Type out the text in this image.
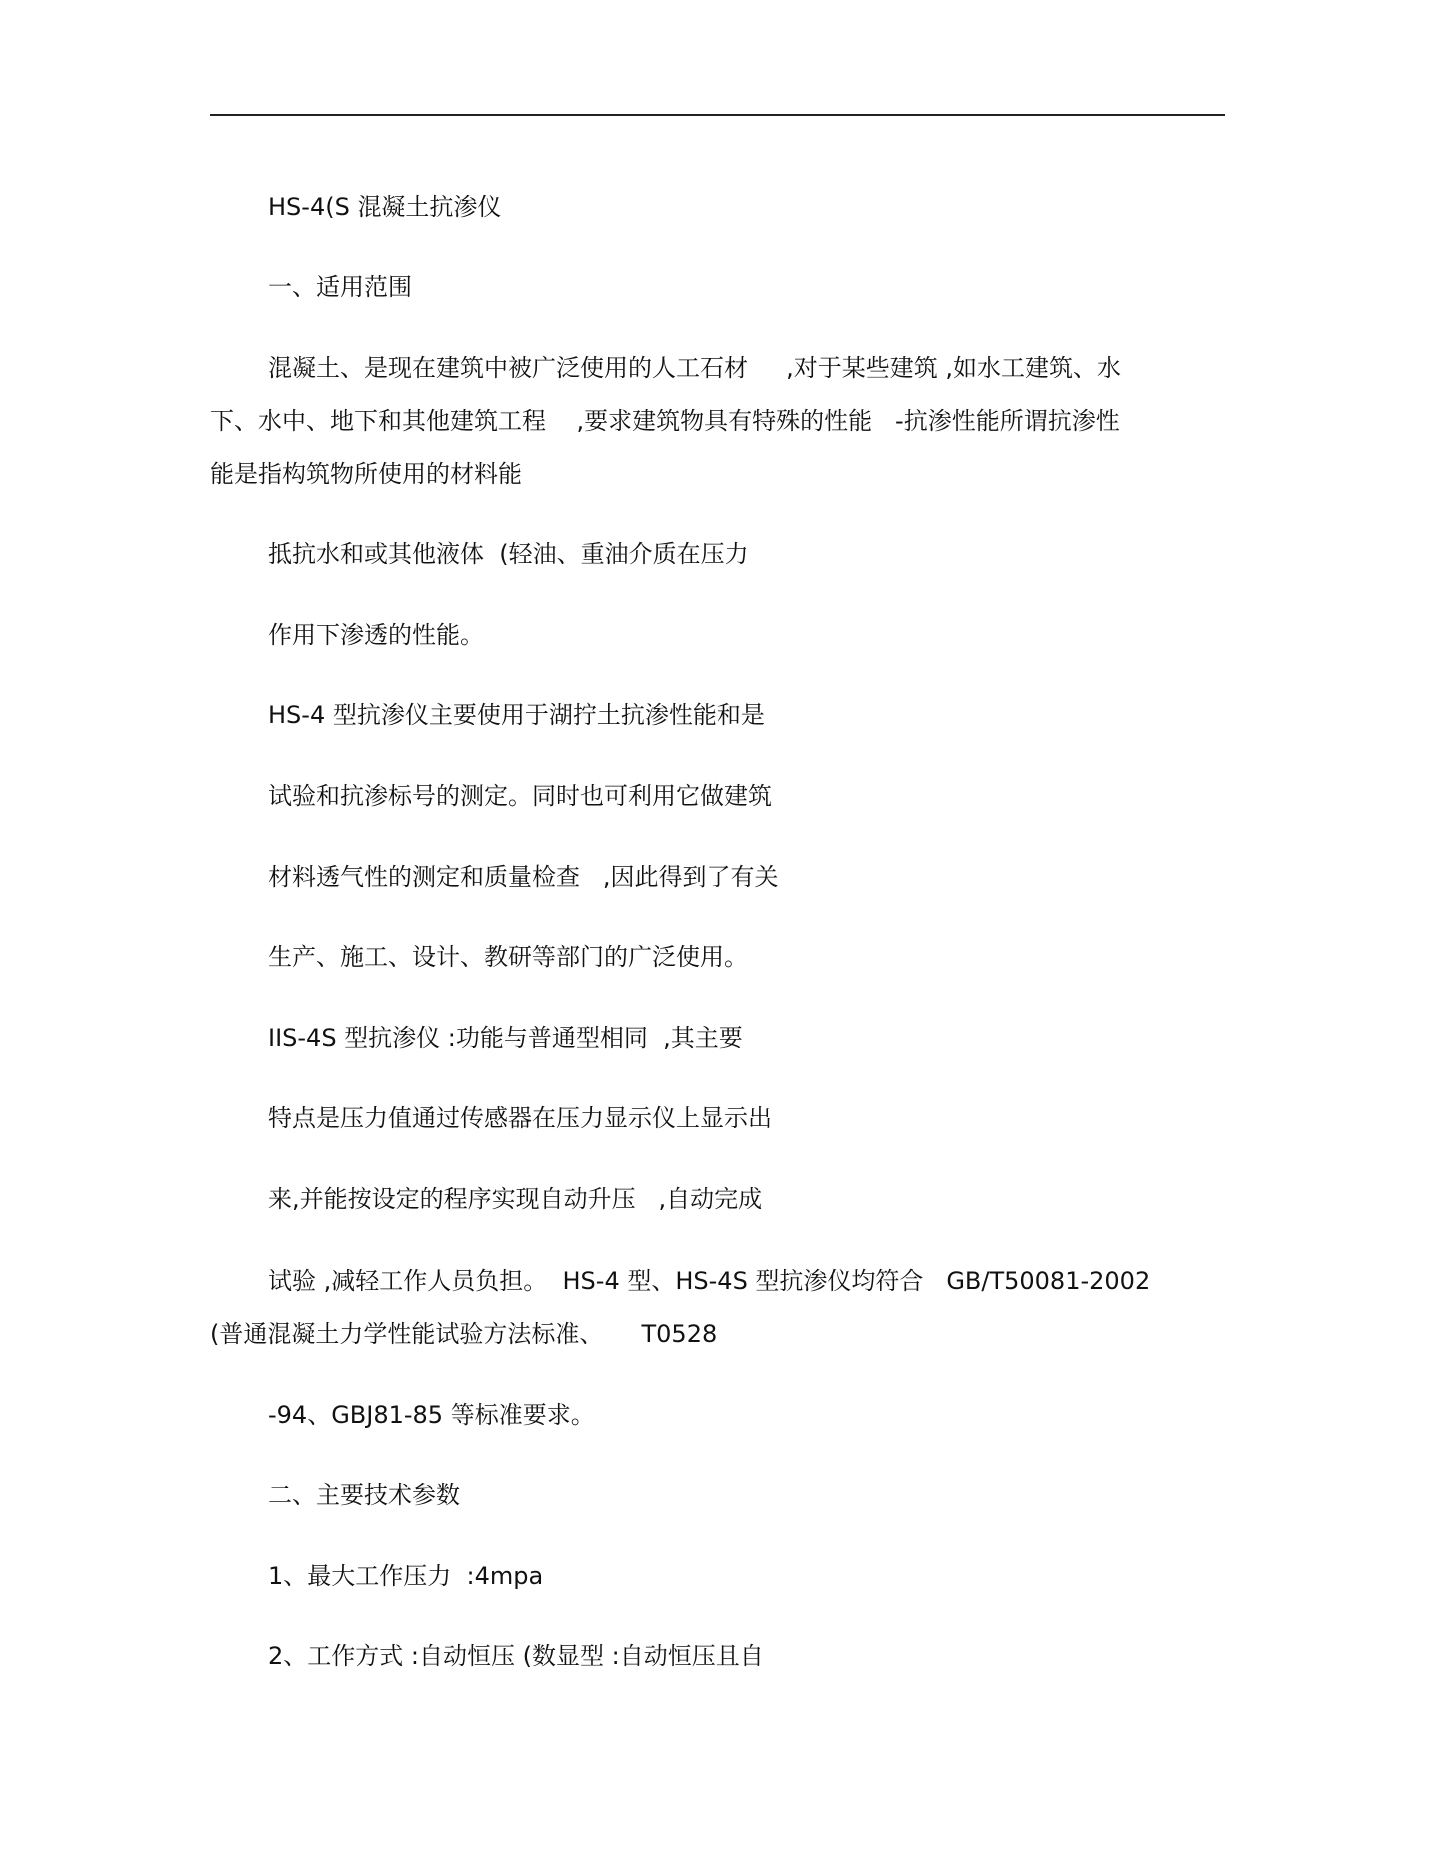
HS-4(S 混凝土抗渗仪
一、适用范围
混凝土、是现在建筑中被广泛使用的人工石材     ,对于某些建筑 ,如水工建筑、水
下、水中、地下和其他建筑工程    ,要求建筑物具有特殊的性能   -抗渗性能所谓抗渗性
能是指构筑物所使用的材料能
抵抗水和或其他液体  (轻油、重油介质在压力
作用下渗透的性能。
HS-4 型抗渗仪主要使用于湖拧土抗渗性能和是
试验和抗渗标号的测定。同时也可利用它做建筑
材料透气性的测定和质量检查   ,因此得到了有关
生产、施工、设计、教研等部门的广泛使用。
IIS-4S 型抗渗仪 :功能与普通型相同  ,其主要
特点是压力值通过传感器在压力显示仪上显示出
来,并能按设定的程序实现自动升压   ,自动完成
试验 ,减轻工作人员负担。  HS-4 型、HS-4S 型抗渗仪均符合   GB/T50081-2002
(普通混凝土力学性能试验方法标准、     T0528
-94、GBJ81-85 等标准要求。
二、主要技术参数
1、最大工作压力  :4mpa
2、工作方式 :自动恒压 (数显型 :自动恒压且自
